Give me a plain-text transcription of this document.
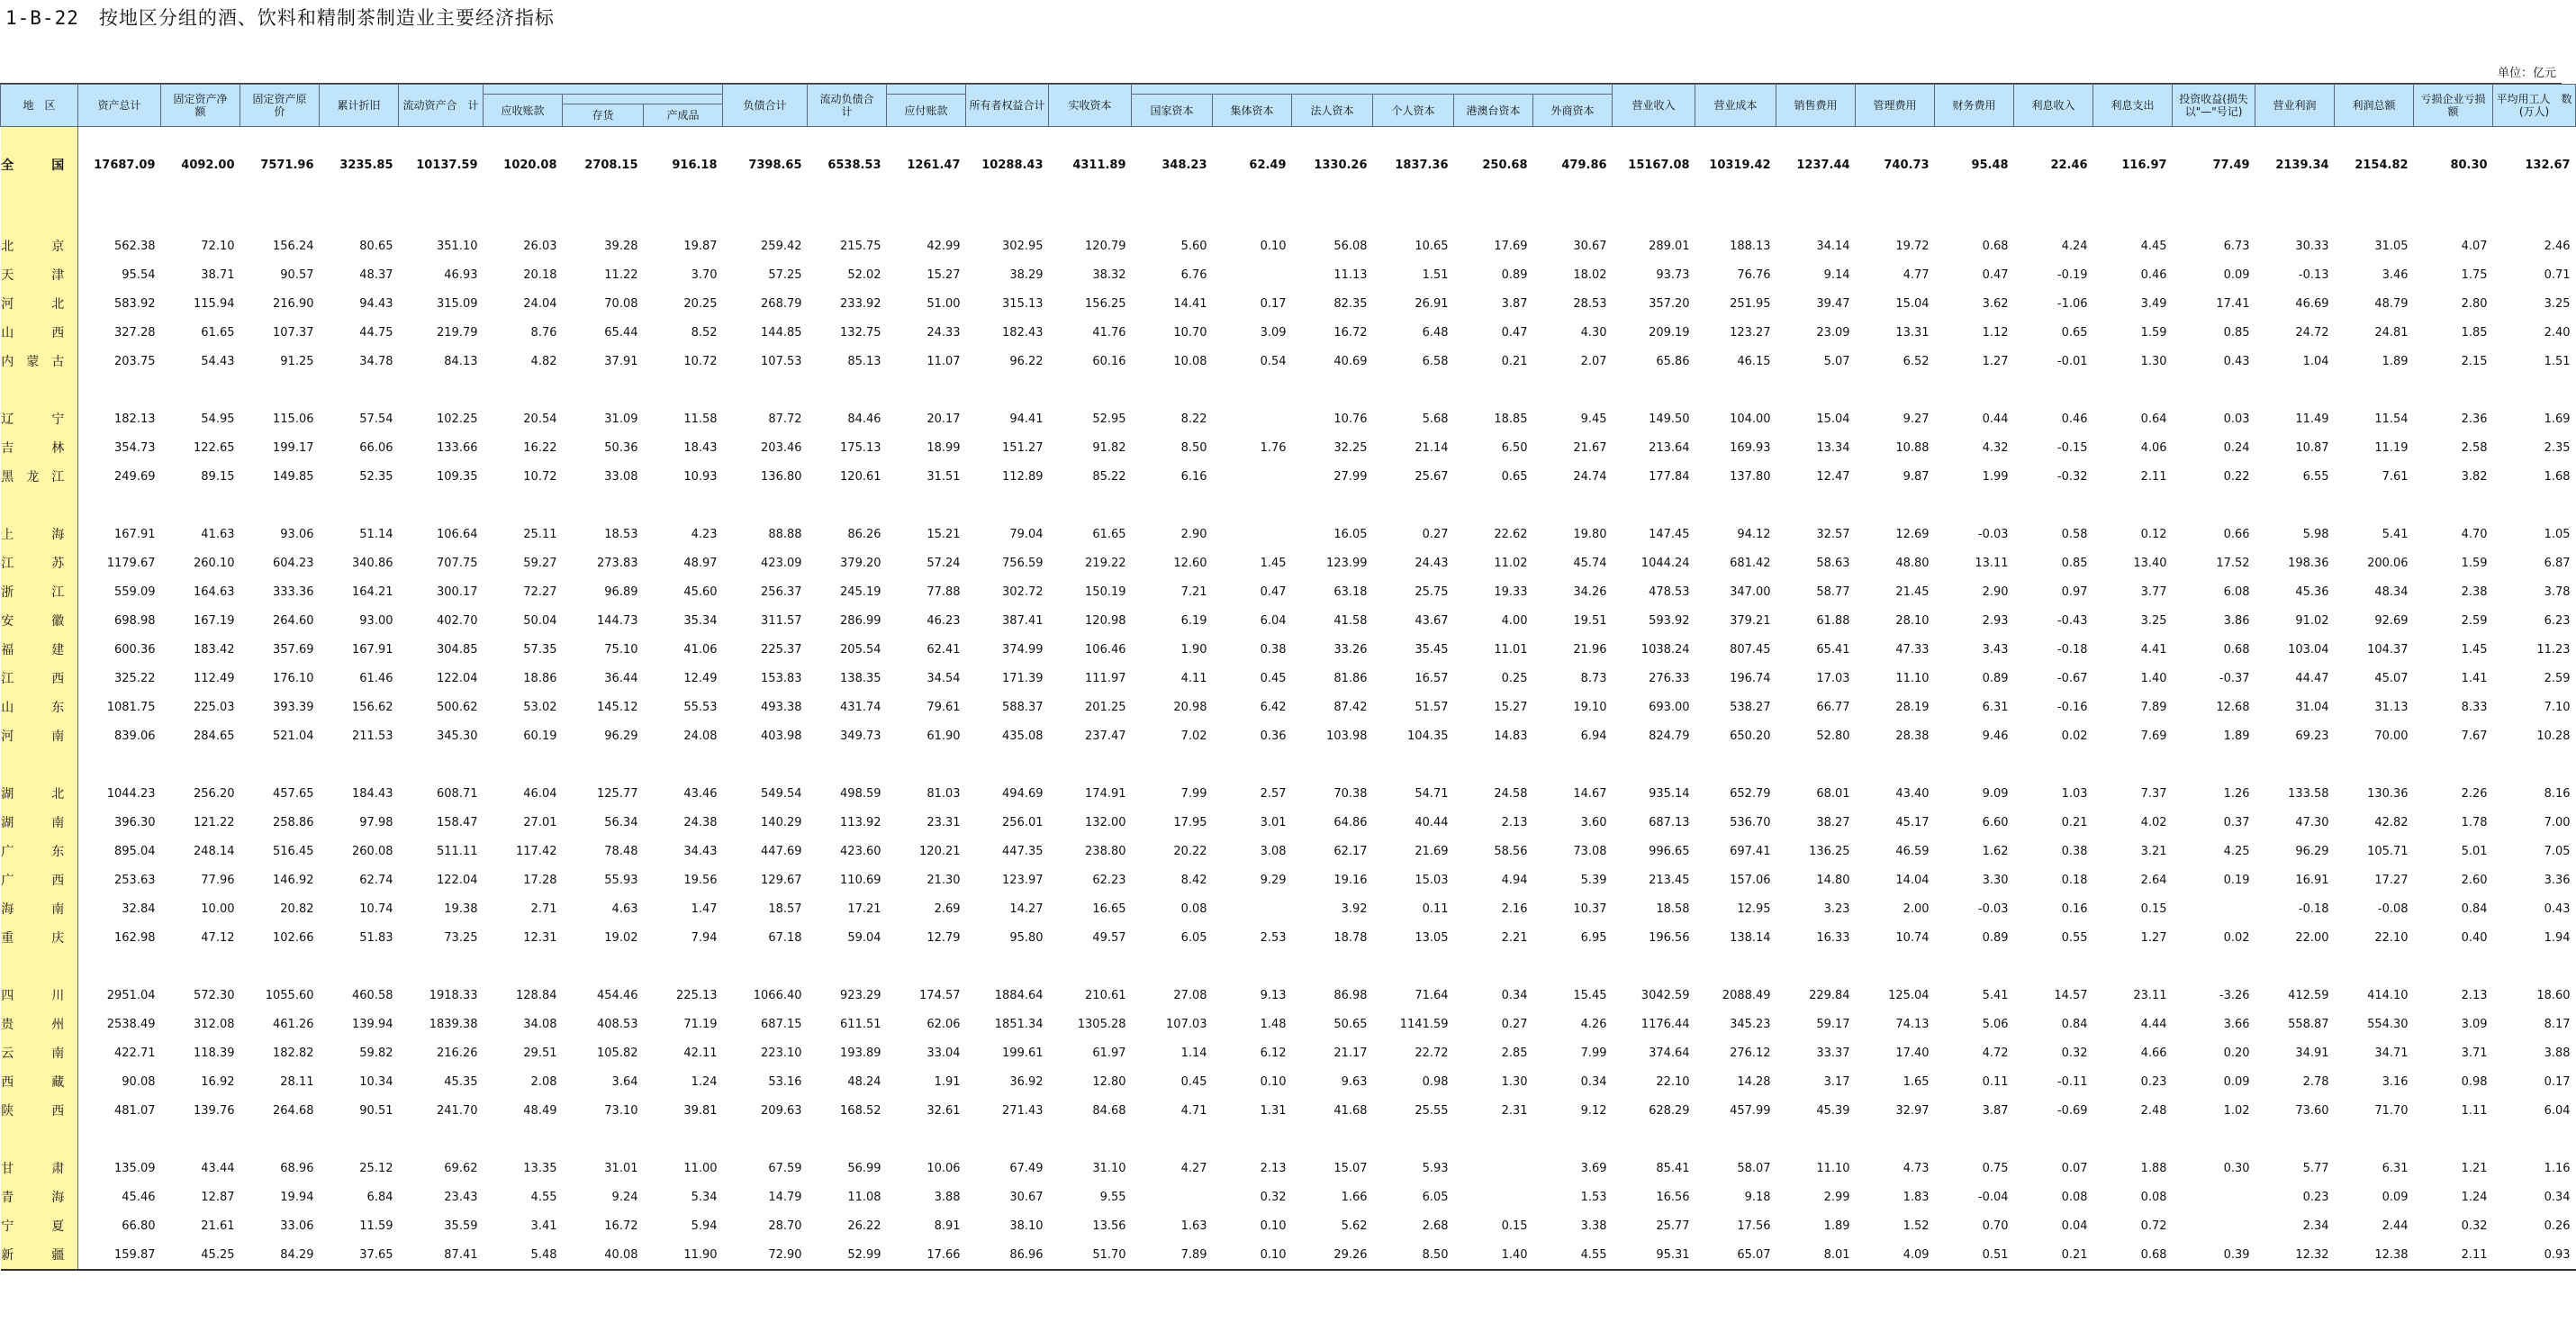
1-B-22　按地区分组的酒、饮料和精制茶制造业主要经济指标
单位：亿元
地　区	资产总计	固定资产净　额	固定资产原　价	累计折旧	流动资产合　计				负债合计	流动负债合　计		所有者权益合计	实收资本							营业收入	营业成本	销售费用	管理费用	财务费用	利息收入	利息支出	投资收益(损失以"—"号记)	营业利润	利润总额	亏损企业亏损额	平均用工人　数(万人)
						应收账款					应付账款			国家资本	集体资本	法人资本	个人资本	港澳台资本	外商资本												
							存货	产成品																							
全　国	17687.09	4092.00	7571.96	3235.85	10137.59	1020.08	2708.15	916.18	7398.65	6538.53	1261.47	10288.43	4311.89	348.23	62.49	1330.26	1837.36	250.68	479.86	15167.08	10319.42	1237.44	740.73	95.48	22.46	116.97	77.49	2139.34	2154.82	80.30	132.67

北　京	562.38	72.10	156.24	80.65	351.10	26.03	39.28	19.87	259.42	215.75	42.99	302.95	120.79	5.60	0.10	56.08	10.65	17.69	30.67	289.01	188.13	34.14	19.72	0.68	4.24	4.45	6.73	30.33	31.05	4.07	2.46
天　津	95.54	38.71	90.57	48.37	46.93	20.18	11.22	3.70	57.25	52.02	15.27	38.29	38.32	6.76		11.13	1.51	0.89	18.02	93.73	76.76	9.14	4.77	0.47	-0.19	0.46	0.09	-0.13	3.46	1.75	0.71
河　北	583.92	115.94	216.90	94.43	315.09	24.04	70.08	20.25	268.79	233.92	51.00	315.13	156.25	14.41	0.17	82.35	26.91	3.87	28.53	357.20	251.95	39.47	15.04	3.62	-1.06	3.49	17.41	46.69	48.79	2.80	3.25
山　西	327.28	61.65	107.37	44.75	219.79	8.76	65.44	8.52	144.85	132.75	24.33	182.43	41.76	10.70	3.09	16.72	6.48	0.47	4.30	209.19	123.27	23.09	13.31	1.12	0.65	1.59	0.85	24.72	24.81	1.85	2.40
内蒙古	203.75	54.43	91.25	34.78	84.13	4.82	37.91	10.72	107.53	85.13	11.07	96.22	60.16	10.08	0.54	40.69	6.58	0.21	2.07	65.86	46.15	5.07	6.52	1.27	-0.01	1.30	0.43	1.04	1.89	2.15	1.51

辽　宁	182.13	54.95	115.06	57.54	102.25	20.54	31.09	11.58	87.72	84.46	20.17	94.41	52.95	8.22		10.76	5.68	18.85	9.45	149.50	104.00	15.04	9.27	0.44	0.46	0.64	0.03	11.49	11.54	2.36	1.69
吉　林	354.73	122.65	199.17	66.06	133.66	16.22	50.36	18.43	203.46	175.13	18.99	151.27	91.82	8.50	1.76	32.25	21.14	6.50	21.67	213.64	169.93	13.34	10.88	4.32	-0.15	4.06	0.24	10.87	11.19	2.58	2.35
黑龙江	249.69	89.15	149.85	52.35	109.35	10.72	33.08	10.93	136.80	120.61	31.51	112.89	85.22	6.16		27.99	25.67	0.65	24.74	177.84	137.80	12.47	9.87	1.99	-0.32	2.11	0.22	6.55	7.61	3.82	1.68

上　海	167.91	41.63	93.06	51.14	106.64	25.11	18.53	4.23	88.88	86.26	15.21	79.04	61.65	2.90		16.05	0.27	22.62	19.80	147.45	94.12	32.57	12.69	-0.03	0.58	0.12	0.66	5.98	5.41	4.70	1.05
江　苏	1179.67	260.10	604.23	340.86	707.75	59.27	273.83	48.97	423.09	379.20	57.24	756.59	219.22	12.60	1.45	123.99	24.43	11.02	45.74	1044.24	681.42	58.63	48.80	13.11	0.85	13.40	17.52	198.36	200.06	1.59	6.87
浙　江	559.09	164.63	333.36	164.21	300.17	72.27	96.89	45.60	256.37	245.19	77.88	302.72	150.19	7.21	0.47	63.18	25.75	19.33	34.26	478.53	347.00	58.77	21.45	2.90	0.97	3.77	6.08	45.36	48.34	2.38	3.78
安　徽	698.98	167.19	264.60	93.00	402.70	50.04	144.73	35.34	311.57	286.99	46.23	387.41	120.98	6.19	6.04	41.58	43.67	4.00	19.51	593.92	379.21	61.88	28.10	2.93	-0.43	3.25	3.86	91.02	92.69	2.59	6.23
福　建	600.36	183.42	357.69	167.91	304.85	57.35	75.10	41.06	225.37	205.54	62.41	374.99	106.46	1.90	0.38	33.26	35.45	11.01	21.96	1038.24	807.45	65.41	47.33	3.43	-0.18	4.41	0.68	103.04	104.37	1.45	11.23
江　西	325.22	112.49	176.10	61.46	122.04	18.86	36.44	12.49	153.83	138.35	34.54	171.39	111.97	4.11	0.45	81.86	16.57	0.25	8.73	276.33	196.74	17.03	11.10	0.89	-0.67	1.40	-0.37	44.47	45.07	1.41	2.59
山　东	1081.75	225.03	393.39	156.62	500.62	53.02	145.12	55.53	493.38	431.74	79.61	588.37	201.25	20.98	6.42	87.42	51.57	15.27	19.10	693.00	538.27	66.77	28.19	6.31	-0.16	7.89	12.68	31.04	31.13	8.33	7.10
河　南	839.06	284.65	521.04	211.53	345.30	60.19	96.29	24.08	403.98	349.73	61.90	435.08	237.47	7.02	0.36	103.98	104.35	14.83	6.94	824.79	650.20	52.80	28.38	9.46	0.02	7.69	1.89	69.23	70.00	7.67	10.28

湖　北	1044.23	256.20	457.65	184.43	608.71	46.04	125.77	43.46	549.54	498.59	81.03	494.69	174.91	7.99	2.57	70.38	54.71	24.58	14.67	935.14	652.79	68.01	43.40	9.09	1.03	7.37	1.26	133.58	130.36	2.26	8.16
湖　南	396.30	121.22	258.86	97.98	158.47	27.01	56.34	24.38	140.29	113.92	23.31	256.01	132.00	17.95	3.01	64.86	40.44	2.13	3.60	687.13	536.70	38.27	45.17	6.60	0.21	4.02	0.37	47.30	42.82	1.78	7.00
广　东	895.04	248.14	516.45	260.08	511.11	117.42	78.48	34.43	447.69	423.60	120.21	447.35	238.80	20.22	3.08	62.17	21.69	58.56	73.08	996.65	697.41	136.25	46.59	1.62	0.38	3.21	4.25	96.29	105.71	5.01	7.05
广　西	253.63	77.96	146.92	62.74	122.04	17.28	55.93	19.56	129.67	110.69	21.30	123.97	62.23	8.42	9.29	19.16	15.03	4.94	5.39	213.45	157.06	14.80	14.04	3.30	0.18	2.64	0.19	16.91	17.27	2.60	3.36
海　南	32.84	10.00	20.82	10.74	19.38	2.71	4.63	1.47	18.57	17.21	2.69	14.27	16.65	0.08		3.92	0.11	2.16	10.37	18.58	12.95	3.23	2.00	-0.03	0.16	0.15		-0.18	-0.08	0.84	0.43
重　庆	162.98	47.12	102.66	51.83	73.25	12.31	19.02	7.94	67.18	59.04	12.79	95.80	49.57	6.05	2.53	18.78	13.05	2.21	6.95	196.56	138.14	16.33	10.74	0.89	0.55	1.27	0.02	22.00	22.10	0.40	1.94

四　川	2951.04	572.30	1055.60	460.58	1918.33	128.84	454.46	225.13	1066.40	923.29	174.57	1884.64	210.61	27.08	9.13	86.98	71.64	0.34	15.45	3042.59	2088.49	229.84	125.04	5.41	14.57	23.11	-3.26	412.59	414.10	2.13	18.60
贵　州	2538.49	312.08	461.26	139.94	1839.38	34.08	408.53	71.19	687.15	611.51	62.06	1851.34	1305.28	107.03	1.48	50.65	1141.59	0.27	4.26	1176.44	345.23	59.17	74.13	5.06	0.84	4.44	3.66	558.87	554.30	3.09	8.17
云　南	422.71	118.39	182.82	59.82	216.26	29.51	105.82	42.11	223.10	193.89	33.04	199.61	61.97	1.14	6.12	21.17	22.72	2.85	7.99	374.64	276.12	33.37	17.40	4.72	0.32	4.66	0.20	34.91	34.71	3.71	3.88
西　藏	90.08	16.92	28.11	10.34	45.35	2.08	3.64	1.24	53.16	48.24	1.91	36.92	12.80	0.45	0.10	9.63	0.98	1.30	0.34	22.10	14.28	3.17	1.65	0.11	-0.11	0.23	0.09	2.78	3.16	0.98	0.17
陕　西	481.07	139.76	264.68	90.51	241.70	48.49	73.10	39.81	209.63	168.52	32.61	271.43	84.68	4.71	1.31	41.68	25.55	2.31	9.12	628.29	457.99	45.39	32.97	3.87	-0.69	2.48	1.02	73.60	71.70	1.11	6.04

甘　肃	135.09	43.44	68.96	25.12	69.62	13.35	31.01	11.00	67.59	56.99	10.06	67.49	31.10	4.27	2.13	15.07	5.93		3.69	85.41	58.07	11.10	4.73	0.75	0.07	1.88	0.30	5.77	6.31	1.21	1.16
青　海	45.46	12.87	19.94	6.84	23.43	4.55	9.24	5.34	14.79	11.08	3.88	30.67	9.55		0.32	1.66	6.05		1.53	16.56	9.18	2.99	1.83	-0.04	0.08	0.08		0.23	0.09	1.24	0.34
宁　夏	66.80	21.61	33.06	11.59	35.59	3.41	16.72	5.94	28.70	26.22	8.91	38.10	13.56	1.63	0.10	5.62	2.68	0.15	3.38	25.77	17.56	1.89	1.52	0.70	0.04	0.72		2.34	2.44	0.32	0.26
新　疆	159.87	45.25	84.29	37.65	87.41	5.48	40.08	11.90	72.90	52.99	17.66	86.96	51.70	7.89	0.10	29.26	8.50	1.40	4.55	95.31	65.07	8.01	4.09	0.51	0.21	0.68	0.39	12.32	12.38	2.11	0.93
